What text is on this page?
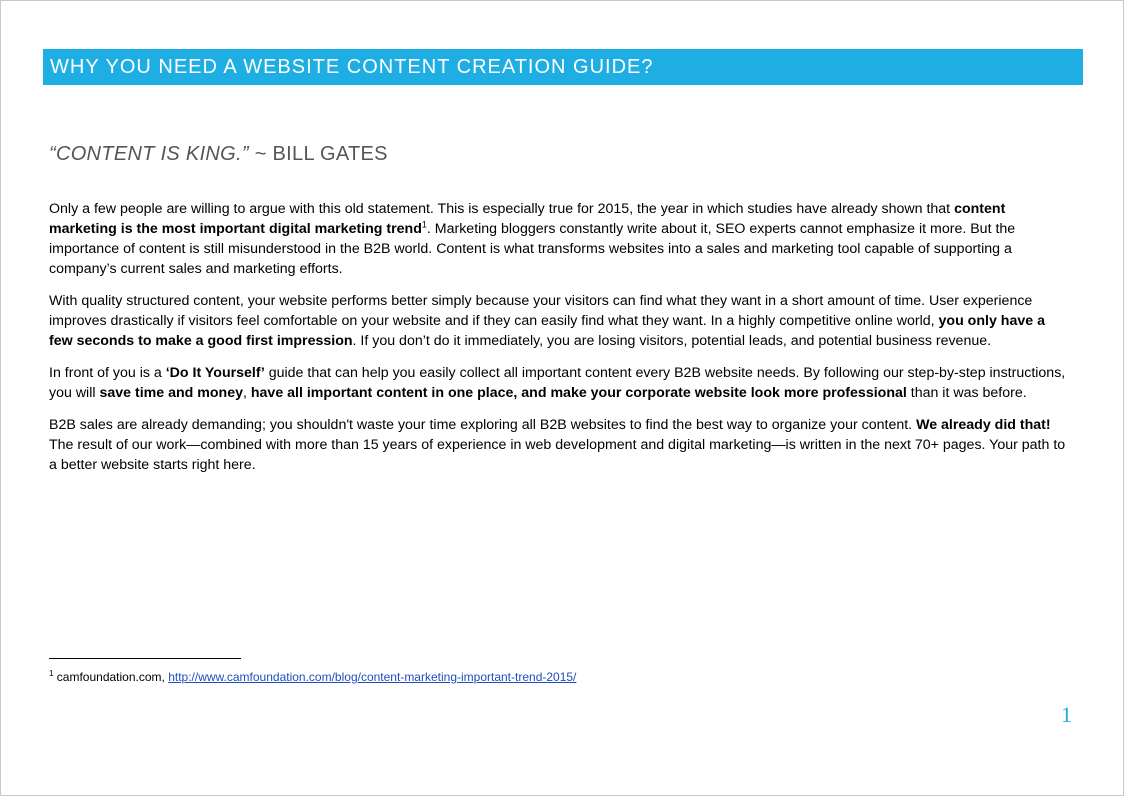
WHY YOU NEED A WEBSITE CONTENT CREATION GUIDE?
“CONTENT IS KING.” ~ BILL GATES

Only a few people are willing to argue with this old statement. This is especially true for 2015, the year in which studies have already shown that content marketing is the most important digital marketing trend$^1$. Marketing bloggers constantly write about it, SEO experts cannot emphasize it more. But the importance of content is still misunderstood in the B2B world. Content is what transforms websites into a sales and marketing tool capable of supporting a company’s current sales and marketing efforts.

With quality structured content, your website performs better simply because your visitors can find what they want in a short amount of time. User experience improves drastically if visitors feel comfortable on your website and if they can easily find what they want. In a highly competitive online world, you only have a few seconds to make a good first impression. If you don’t do it immediately, you are losing visitors, potential leads, and potential business revenue.

In front of you is a ‘Do It Yourself’ guide that can help you easily collect all important content every B2B website needs. By following our step-by-step instructions, you will save time and money, have all important content in one place, and make your corporate website look more professional than it was before.

B2B sales are already demanding; you shouldn't waste your time exploring all B2B websites to find the best way to organize your content. We already did that! The result of our work—combined with more than 15 years of experience in web development and digital marketing—is written in the next 70+ pages. Your path to a better website starts right here.

$^1$ camfoundation.com, http://www.camfoundation.com/blog/content-marketing-important-trend-2015/
1
